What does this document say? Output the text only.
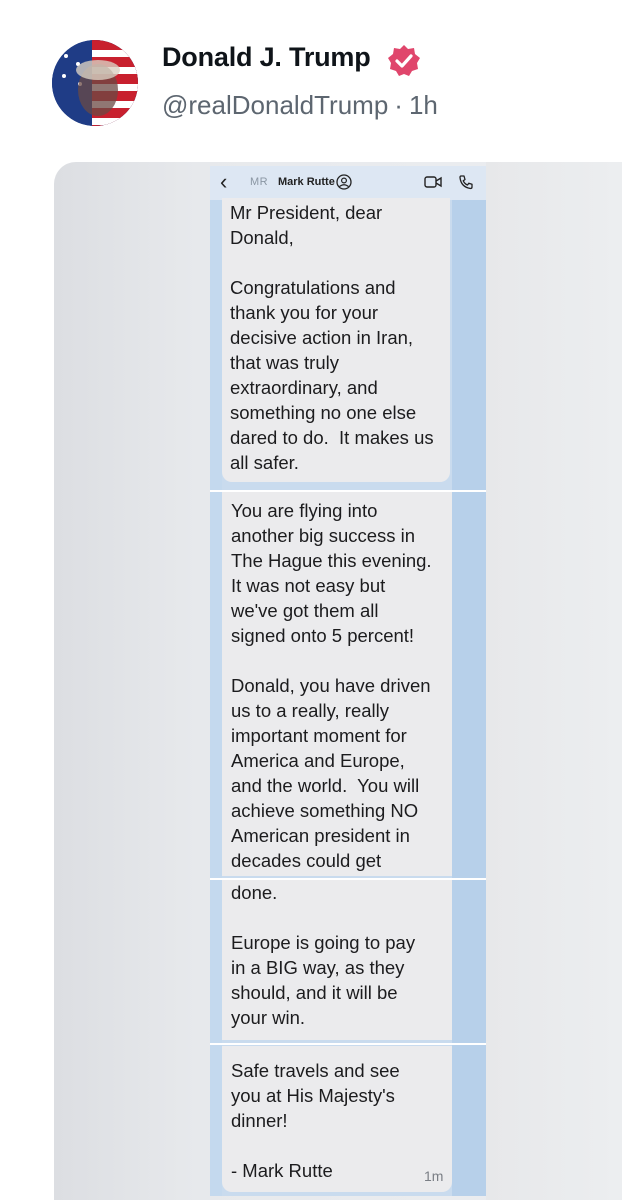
Donald J. Trump
@realDonaldTrump · 1h
‹ MR Mark Rutte
Mr President, dear
Donald,

Congratulations and
thank you for your
decisive action in Iran,
that was truly
extraordinary, and
something no one else
dared to do.  It makes us
all safer.
You are flying into
another big success in
The Hague this evening.
It was not easy but
we've got them all
signed onto 5 percent!

Donald, you have driven
us to a really, really
important moment for
America and Europe,
and the world.  You will
achieve something NO
American president in
decades could get
done.

Europe is going to pay
in a BIG way, as they
should, and it will be
your win.
Safe travels and see
you at His Majesty's
dinner!

- Mark Rutte	1m
